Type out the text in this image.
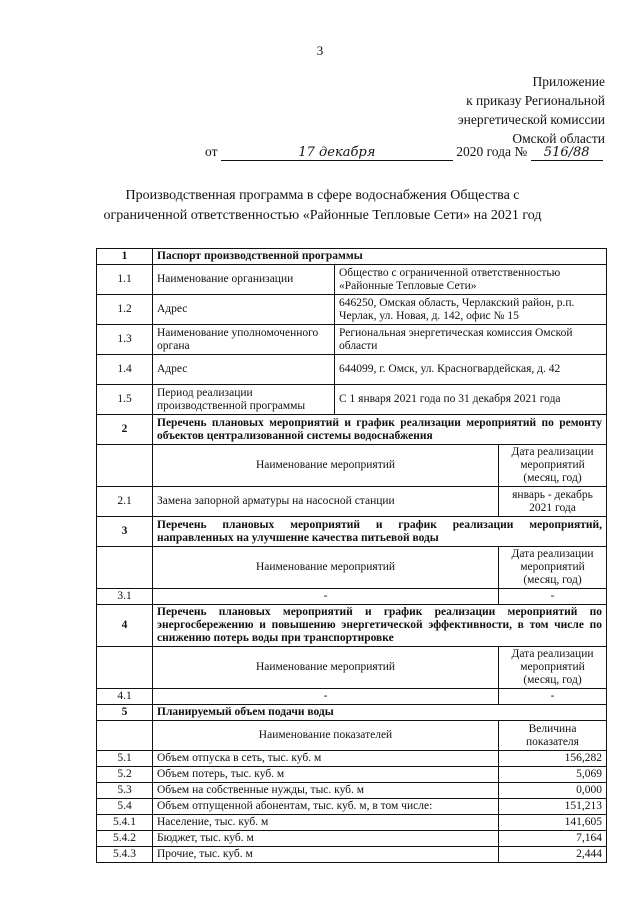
3
Приложение
к приказу Региональной
энергетической комиссии
Омской области
от	17 декабря	2020 года № 516/88
Производственная программа в сфере водоснабжения Общества с
ограниченной ответственностью «Районные Тепловые Сети» на 2021 год
1	Паспорт производственной программы		
1.1	Наименование организации	Общество с ограниченной ответственностью «Районные Тепловые Сети»	
1.2	Адрес	646250, Омская область, Черлакский район, р.п. Черлак, ул. Новая, д. 142, офис № 15	
1.3	Наименование уполномоченного органа	Региональная энергетическая комиссия Омской области	
1.4	Адрес	644099, г. Омск, ул. Красногвардейская, д. 42	
1.5	Период реализации производственной программы	С 1 января 2021 года по 31 декабря 2021 года	
2	Перечень плановых мероприятий и график реализации мероприятий по ремонту объектов централизованной системы водоснабжения		
	Наименование мероприятий		Дата реализации мероприятий (месяц, год)
2.1	Замена запорной арматуры на насосной станции		январь - декабрь 2021 года
3	Перечень плановых мероприятий и график реализации мероприятий, направленных на улучшение качества питьевой воды		
	Наименование мероприятий		Дата реализации мероприятий (месяц, год)
3.1	-		-
4	Перечень плановых мероприятий и график реализации мероприятий по энергосбережению и повышению энергетической эффективности, в том числе по снижению потерь воды при транспортировке		
	Наименование мероприятий		Дата реализации мероприятий (месяц, год)
4.1	-		-
5	Планируемый объем подачи воды		
	Наименование показателей		Величина показателя
5.1	Объем отпуска в сеть, тыс. куб. м		156,282
5.2	Объем потерь, тыс. куб. м		5,069
5.3	Объем на собственные нужды, тыс. куб. м		0,000
5.4	Объем отпущенной абонентам, тыс. куб. м, в том числе:		151,213
5.4.1	Население, тыс. куб. м		141,605
5.4.2	Бюджет, тыс. куб. м		7,164
5.4.3	Прочие, тыс. куб. м		2,444
